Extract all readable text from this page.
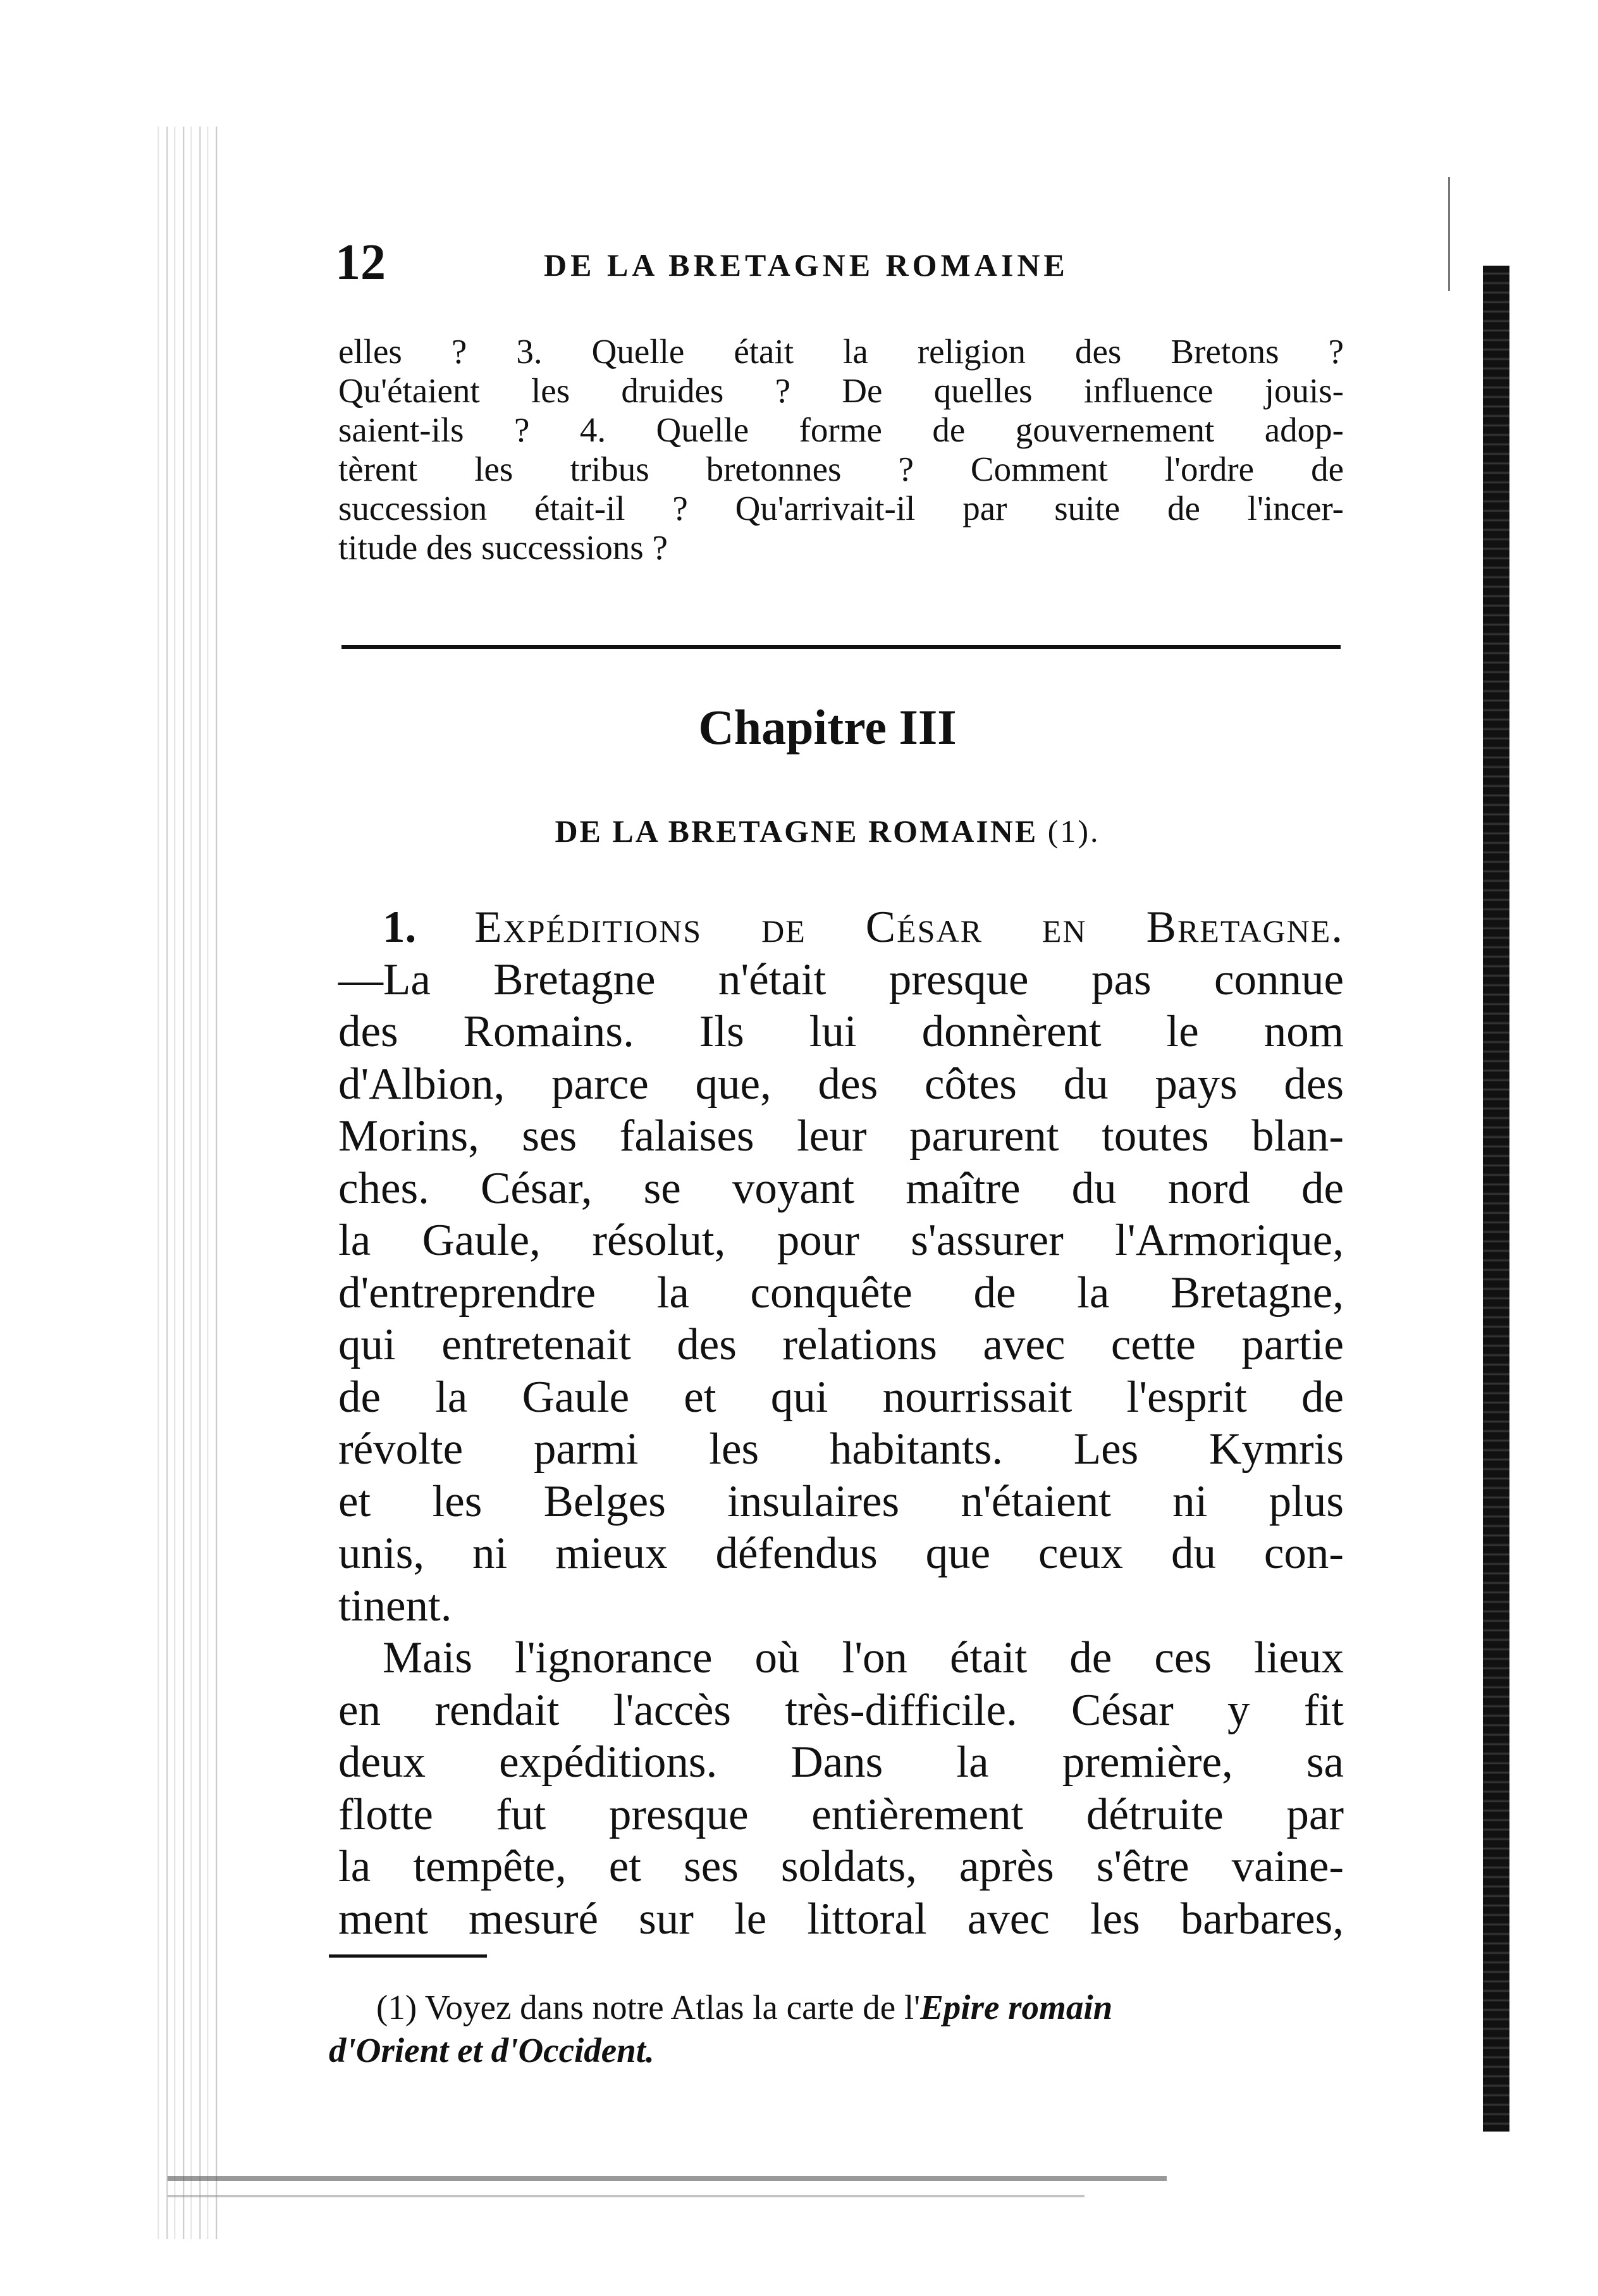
12	DE LA BRETAGNE ROMAINE
elles ? 3. Quelle était la religion des Bretons ?
Qu'étaient les druides ? De quelles influence jouis-
saient-ils ? 4. Quelle forme de gouvernement adop-
tèrent les tribus bretonnes ? Comment l'ordre de
succession était-il ? Qu'arrivait-il par suite de l'incer-
titude des successions ?
Chapitre III
DE LA BRETAGNE ROMAINE (1).
1. Expéditions de César en Bretagne.
—La Bretagne n'était presque pas connue
des Romains. Ils lui donnèrent le nom
d'Albion, parce que, des côtes du pays des
Morins, ses falaises leur parurent toutes blan-
ches. César, se voyant maître du nord de
la Gaule, résolut, pour s'assurer l'Armorique,
d'entreprendre la conquête de la Bretagne,
qui entretenait des relations avec cette partie
de la Gaule et qui nourrissait l'esprit de
révolte parmi les habitants. Les Kymris
et les Belges insulaires n'étaient ni plus
unis, ni mieux défendus que ceux du con-
tinent.
Mais l'ignorance où l'on était de ces lieux
en rendait l'accès très-difficile. César y fit
deux expéditions. Dans la première, sa
flotte fut presque entièrement détruite par
la tempête, et ses soldats, après s'être vaine-
ment mesuré sur le littoral avec les barbares,
(1) Voyez dans notre Atlas la carte de l'Epire romain
d'Orient et d'Occident.
